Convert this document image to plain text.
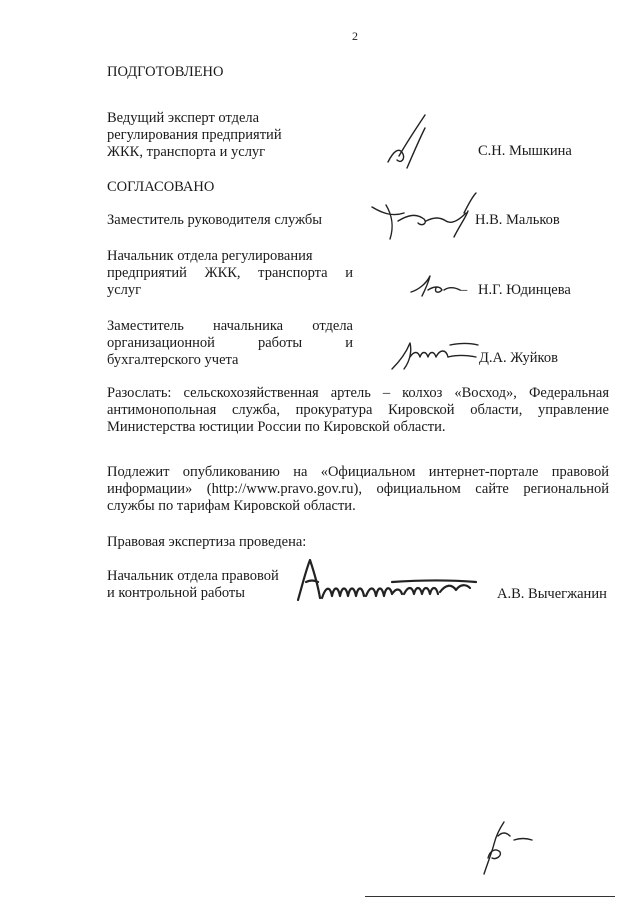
2
ПОДГОТОВЛЕНО
Ведущий эксперт отдела
регулирования предприятий
ЖКК, транспорта и услуг	С.Н. Мышкина
СОГЛАСОВАНО
Заместитель руководителя службы	Н.В. Мальков
Начальник отдела регулирования
предприятий ЖКК, транспорта и
услуг	– Н.Г. Юдинцева
Заместитель начальника отдела
организационной работы и
бухгалтерского учета	Д.А. Жуйков
Разослать: сельскохозяйственная артель – колхоз «Восход», Федеральная
антимонопольная служба, прокуратура Кировской области, управление
Министерства юстиции России по Кировской области.
Подлежит опубликованию на «Официальном интернет-портале правовой
информации» (http://www.pravo.gov.ru), официальном сайте региональной
службы по тарифам Кировской области.
Правовая экспертиза проведена:
Начальник отдела правовой
и контрольной работы	А.В. Вычегжанин
